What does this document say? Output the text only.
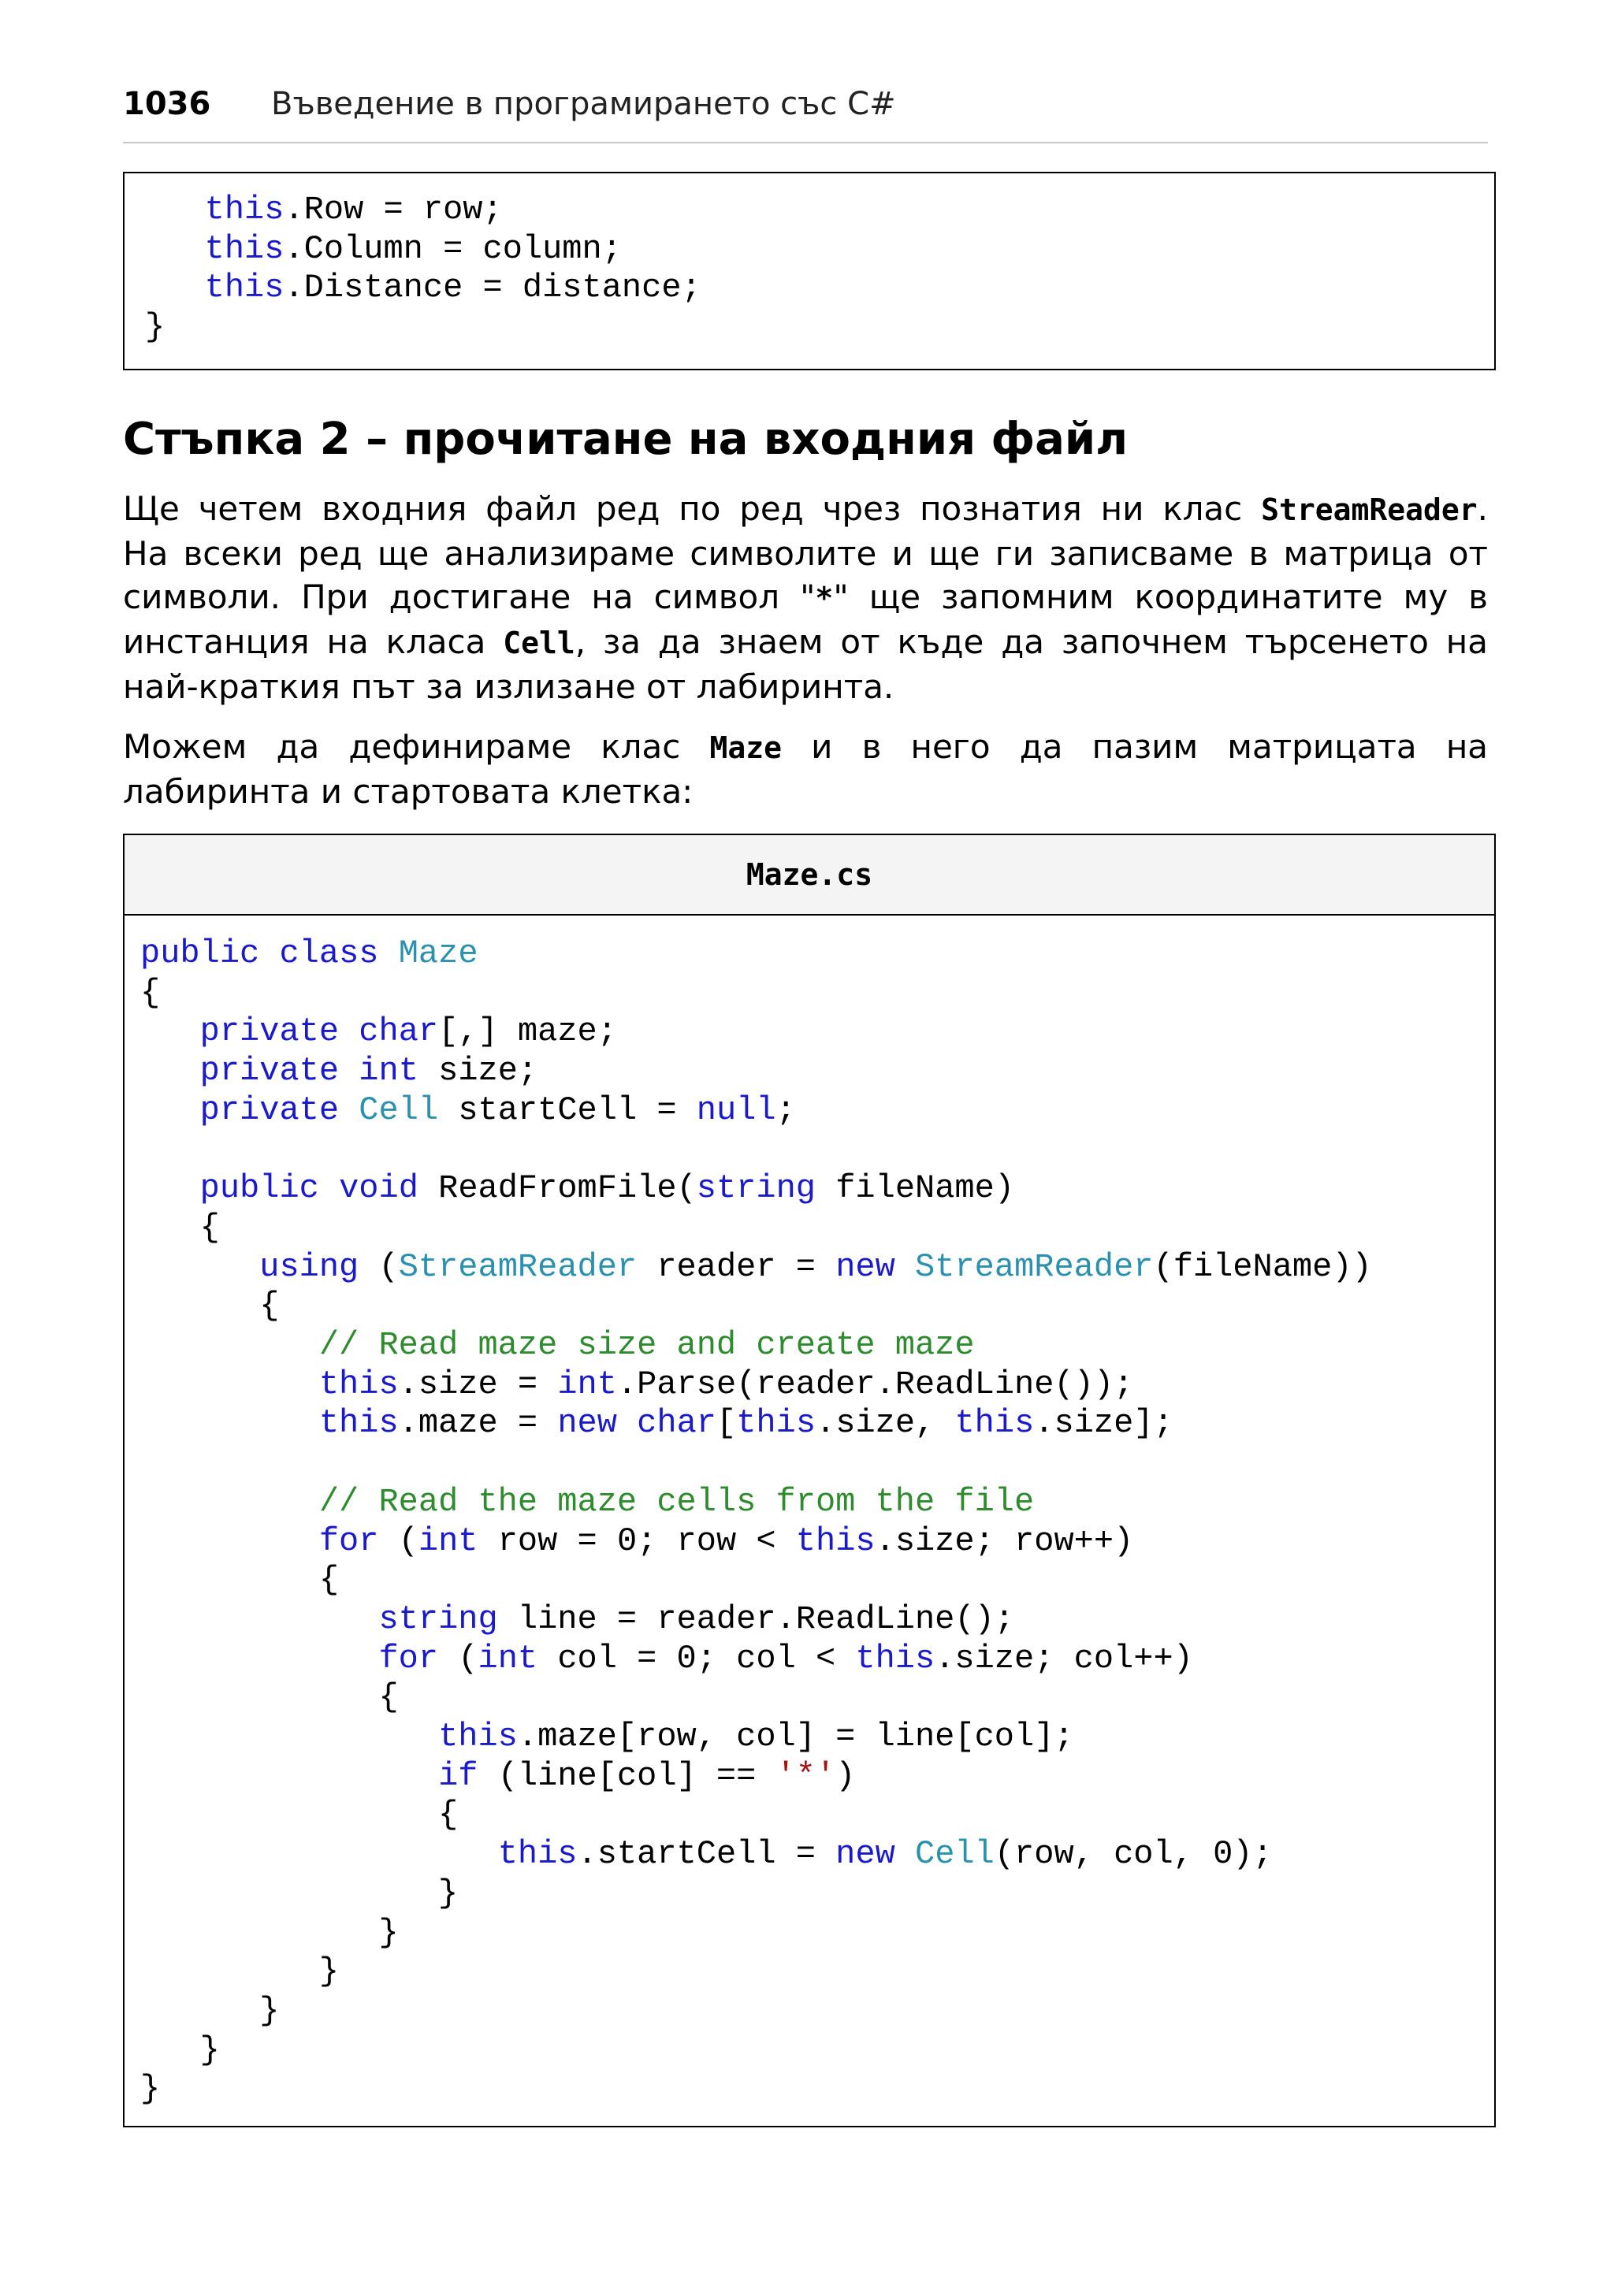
1036 Въведение в програмирането със C#
this.Row = row;
this.Column = column;
this.Distance = distance;
}
Стъпка 2 – прочитане на входния файл
Ще четем входния файл ред по ред чрез познатия ни клас StreamReader.
На всеки ред ще анализираме символите и ще ги записваме в матрица от
символи. При достигане на символ "*" ще запомним координатите му в
инстанция на класа Cell, за да знаем от къде да започнем търсенето на
най-краткия път за излизане от лабиринта.
Можем да дефинираме клас Maze и в него да пазим матрицата на
лабиринта и стартовата клетка:
Maze.cs
public class Maze
{
private char[,] maze;
private int size;
private Cell startCell = null;

public void ReadFromFile(string fileName)
{
using (StreamReader reader = new StreamReader(fileName))
{
// Read maze size and create maze
this.size = int.Parse(reader.ReadLine());
this.maze = new char[this.size, this.size];

// Read the maze cells from the file
for (int row = 0; row < this.size; row++)
{
string line = reader.ReadLine();
for (int col = 0; col < this.size; col++)
{
this.maze[row, col] = line[col];
if (line[col] == '*')
{
this.startCell = new Cell(row, col, 0);
}
}
}
}
}
}
